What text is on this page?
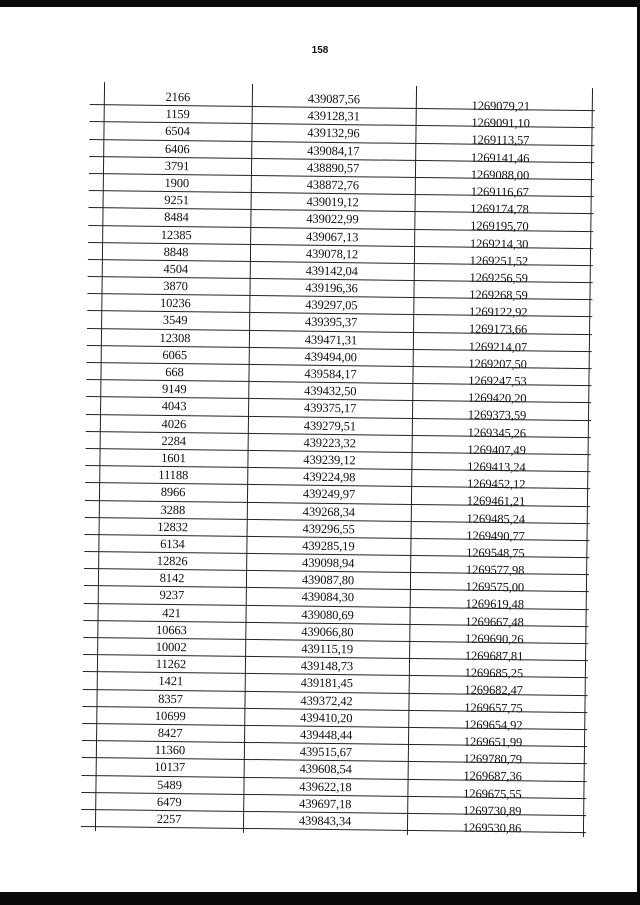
158
2166	439087,56	1269079,21
1159	439128,31	1269091,10
6504	439132,96	1269113,57
6406	439084,17	1269141,46
3791	438890,57	1269088,00
1900	438872,76	1269116,67
9251	439019,12	1269174,78
8484	439022,99	1269195,70
12385	439067,13	1269214,30
8848	439078,12	1269251,52
4504	439142,04	1269256,59
3870	439196,36	1269268,59
10236	439297,05	1269122,92
3549	439395,37	1269173,66
12308	439471,31	1269214,07
6065	439494,00	1269207,50
668	439584,17	1269247,53
9149	439432,50	1269420,20
4043	439375,17	1269373,59
4026	439279,51	1269345,26
2284	439223,32	1269407,49
1601	439239,12	1269413,24
11188	439224,98	1269452,12
8966	439249,97	1269461,21
3288	439268,34	1269485,24
12832	439296,55	1269490,77
6134	439285,19	1269548,75
12826	439098,94	1269577,98
8142	439087,80	1269575,00
9237	439084,30	1269619,48
421	439080,69	1269667,48
10663	439066,80	1269690,26
10002	439115,19	1269687,81
11262	439148,73	1269685,25
1421	439181,45	1269682,47
8357	439372,42	1269657,75
10699	439410,20	1269654,92
8427	439448,44	1269651,99
11360	439515,67	1269780,79
10137	439608,54	1269687,36
5489	439622,18	1269675,55
6479	439697,18	1269730,89
2257	439843,34	1269530,86
